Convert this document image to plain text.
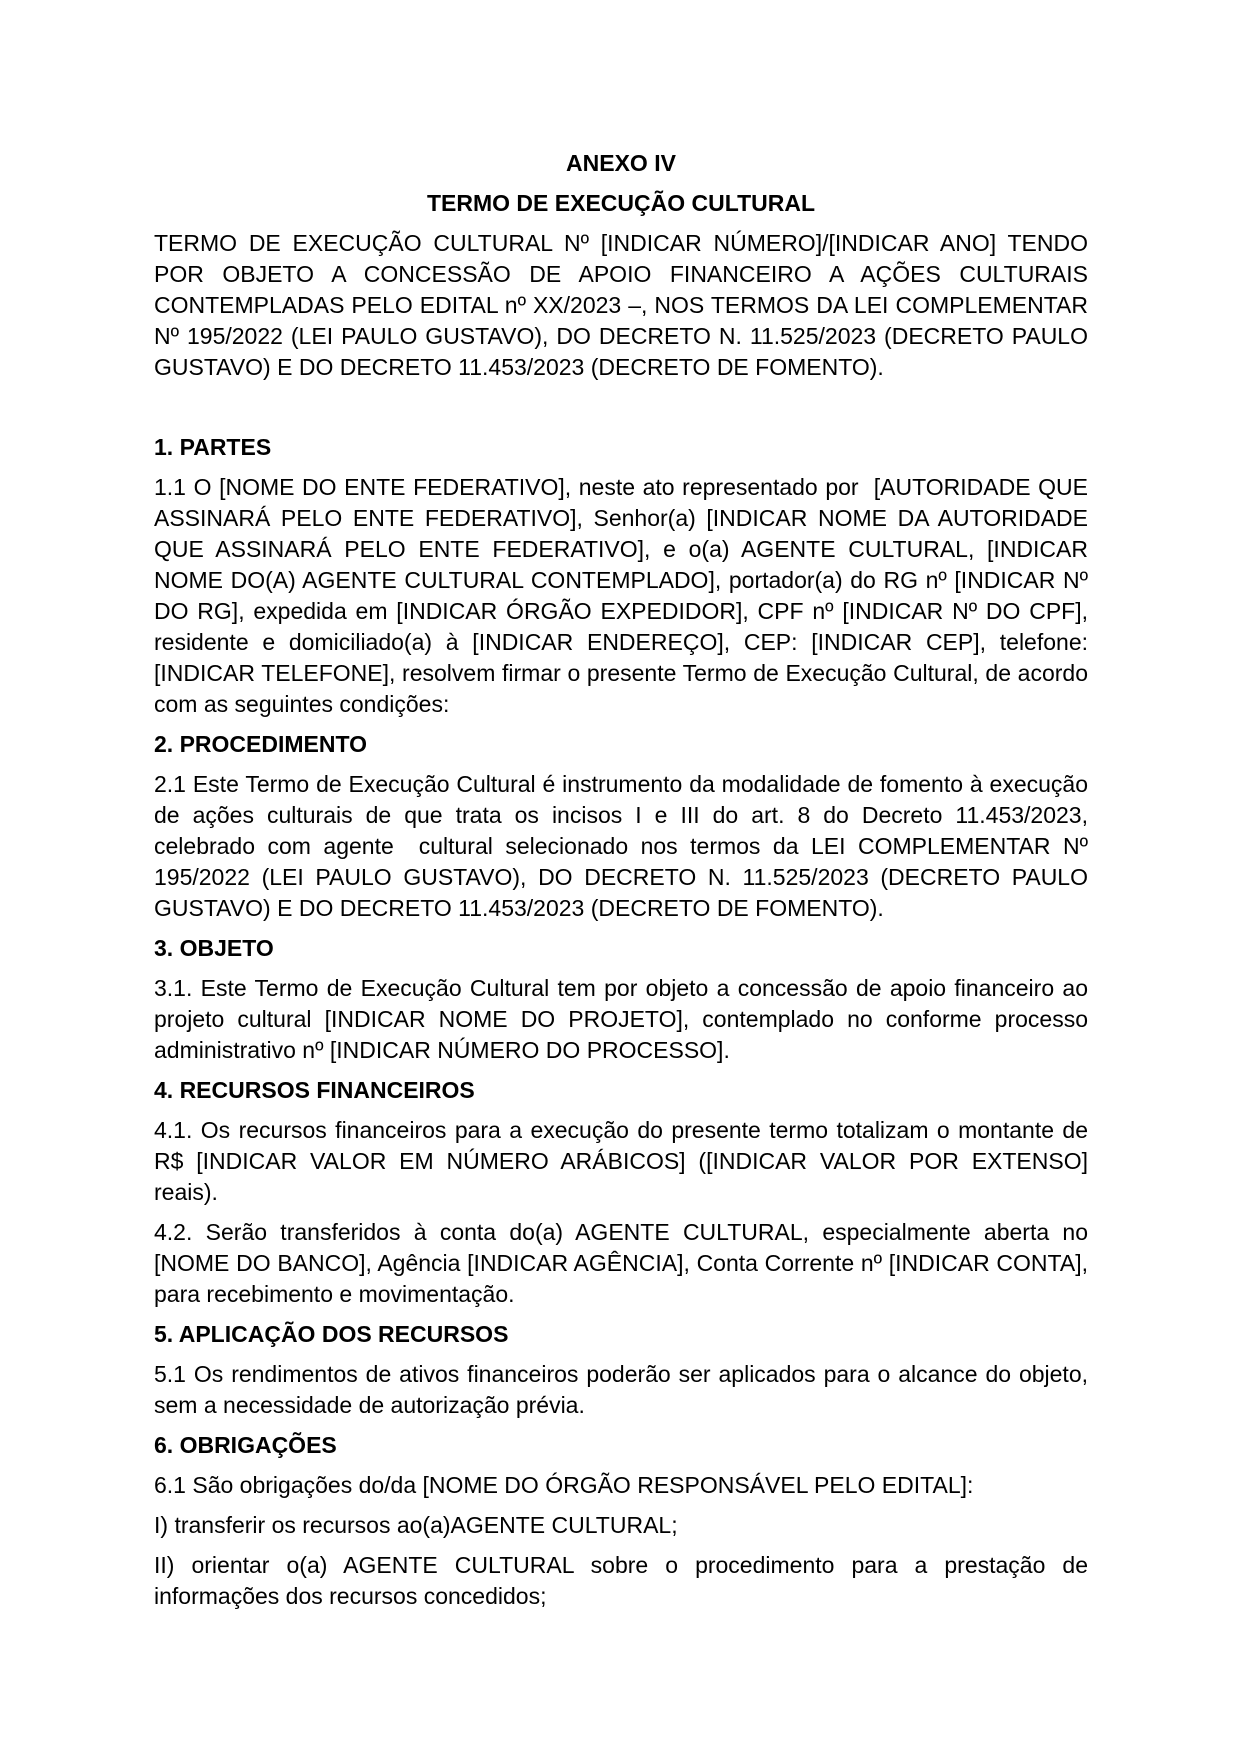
ANEXO IV
TERMO DE EXECUÇÃO CULTURAL

TERMO DE EXECUÇÃO CULTURAL Nº [INDICAR NÚMERO]/[INDICAR ANO] TENDO POR OBJETO A CONCESSÃO DE APOIO FINANCEIRO A AÇÕES CULTURAIS CONTEMPLADAS PELO EDITAL nº XX/2023 –, NOS TERMOS DA LEI COMPLEMENTAR Nº 195/2022 (LEI PAULO GUSTAVO), DO DECRETO N. 11.525/2023 (DECRETO PAULO GUSTAVO) E DO DECRETO 11.453/2023 (DECRETO DE FOMENTO).

1. PARTES

1.1 O [NOME DO ENTE FEDERATIVO], neste ato representado por  [AUTORIDADE QUE ASSINARÁ PELO ENTE FEDERATIVO], Senhor(a) [INDICAR NOME DA AUTORIDADE QUE ASSINARÁ PELO ENTE FEDERATIVO], e o(a) AGENTE CULTURAL, [INDICAR NOME DO(A) AGENTE CULTURAL CONTEMPLADO], portador(a) do RG nº [INDICAR Nº DO RG], expedida em [INDICAR ÓRGÃO EXPEDIDOR], CPF nº [INDICAR Nº DO CPF], residente e domiciliado(a) à [INDICAR ENDEREÇO], CEP: [INDICAR CEP], telefone: [INDICAR TELEFONE], resolvem firmar o presente Termo de Execução Cultural, de acordo com as seguintes condições:

2. PROCEDIMENTO

2.1 Este Termo de Execução Cultural é instrumento da modalidade de fomento à execução de ações culturais de que trata os incisos I e III do art. 8 do Decreto 11.453/2023, celebrado com agente  cultural selecionado nos termos da LEI COMPLEMENTAR Nº 195/2022 (LEI PAULO GUSTAVO), DO DECRETO N. 11.525/2023 (DECRETO PAULO GUSTAVO) E DO DECRETO 11.453/2023 (DECRETO DE FOMENTO).

3. OBJETO

3.1. Este Termo de Execução Cultural tem por objeto a concessão de apoio financeiro ao projeto cultural [INDICAR NOME DO PROJETO], contemplado no conforme processo administrativo nº [INDICAR NÚMERO DO PROCESSO].

4. RECURSOS FINANCEIROS

4.1. Os recursos financeiros para a execução do presente termo totalizam o montante de R$ [INDICAR VALOR EM NÚMERO ARÁBICOS] ([INDICAR VALOR POR EXTENSO] reais).

4.2. Serão transferidos à conta do(a) AGENTE CULTURAL, especialmente aberta no [NOME DO BANCO], Agência [INDICAR AGÊNCIA], Conta Corrente nº [INDICAR CONTA], para recebimento e movimentação.

5. APLICAÇÃO DOS RECURSOS

5.1 Os rendimentos de ativos financeiros poderão ser aplicados para o alcance do objeto, sem a necessidade de autorização prévia.

6. OBRIGAÇÕES

6.1 São obrigações do/da [NOME DO ÓRGÃO RESPONSÁVEL PELO EDITAL]:

I) transferir os recursos ao(a)AGENTE CULTURAL;

II) orientar o(a) AGENTE CULTURAL sobre o procedimento para a prestação de informações dos recursos concedidos;
